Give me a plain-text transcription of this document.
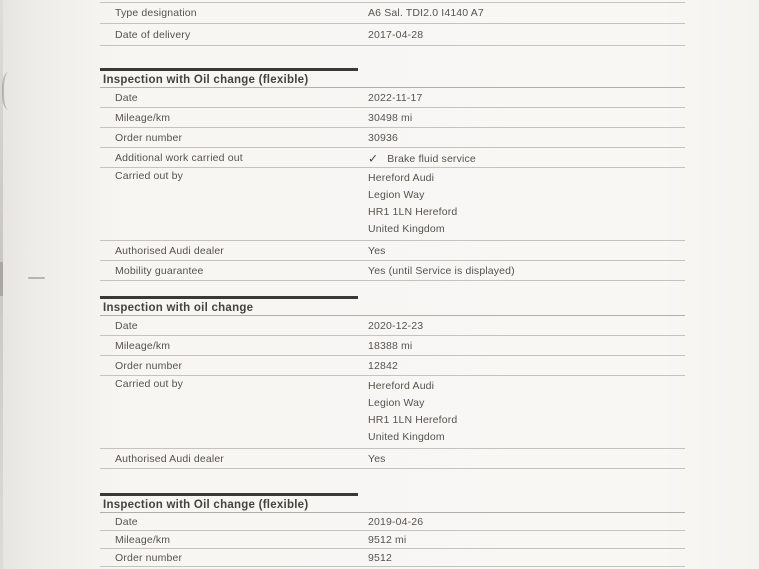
Type designation	A6 Sal. TDI2.0 I4140 A7
Date of delivery	2017-04-28
Inspection with Oil change (flexible)
Date	2022-11-17
Mileage/km	30498 mi
Order number	30936
Additional work carried out	✓ Brake fluid service
Carried out by	Hereford Audi
Legion Way
HR1 1LN Hereford
United Kingdom
Authorised Audi dealer	Yes
Mobility guarantee	Yes (until Service is displayed)
Inspection with oil change
Date	2020-12-23
Mileage/km	18388 mi
Order number	12842
Carried out by	Hereford Audi
Legion Way
HR1 1LN Hereford
United Kingdom
Authorised Audi dealer	Yes
Inspection with Oil change (flexible)
Date	2019-04-26
Mileage/km	9512 mi
Order number	9512
